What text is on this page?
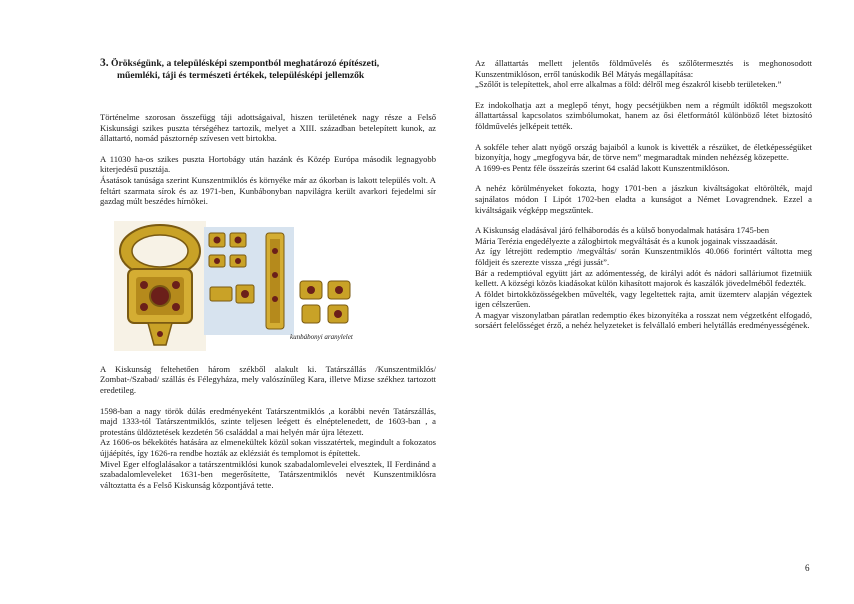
3. Örökségünk, a településképi szempontból meghatározó építészeti,
műemléki, táji és természeti értékek, településképi jellemzők

Történelme szorosan összefügg táji adottságaival, hiszen területének nagy része a Felső Kiskunsági szikes puszta térségéhez tartozik, melyet a XIII. században betelepített kunok, az állattartó, nomád pásztornép szívesen vett birtokba.

A 11030 ha-os szikes puszta Hortobágy után hazánk és Közép Európa második legnagyobb kiterjedésű pusztája.

Ásatások tanúsága szerint Kunszentmiklós és környéke már az ókorban is lakott település volt. A feltárt szarmata sírok és az 1971-ben, Kunbábonyban napvilágra került avarkori fejedelmi sír gazdag múlt beszédes hírnökei.

kunbábonyi aranylelet

A Kiskunság feltehetően három székből alakult ki. Tatárszállás /Kunszentmiklós/ Zombat-/Szabad/ szállás és Félegyháza, mely valószínűleg Kara, illetve Mizse székhez tartozott eredetileg.

1598-ban a nagy török dúlás eredményeként Tatárszentmiklós ,a korábbi nevén Tatárszállás, majd 1333-tól Tatárszentmiklós, szinte teljesen leégett és elnéptelenedett, de 1603-ban , a protestáns üldöztetések kezdetén 56 családdal a mai helyén már újra létezett.

Az 1606-os békekötés hatására az elmenekültek közül sokan visszatértek, megindult a fokozatos újjáépítés, így 1626-ra rendbe hozták az eklézsiát és templomot is építettek.

Mivel Eger elfoglalásakor a tatárszentmiklósi kunok szabadalomlevelei elvesztek, II Ferdinánd a szabadalomleveleket 1631-ben megerősítette, Tatárszentmiklós nevét Kunszentmiklósra változtatta és a Felső Kiskunság központjává tette.

Az állattartás mellett jelentős földművelés és szőlőtermesztés is meghonosodott Kunszentmiklóson, erről tanúskodik Bél Mátyás megállapítása:

„Szőlőt is telepítettek, ahol erre alkalmas a föld: délről meg északról kisebb területeken.”

Ez indokolhatja azt a meglepő tényt, hogy pecsétjükben nem a régmúlt időktől megszokott állattartással kapcsolatos szimbólumokat, hanem az ősi életformától különböző létet biztosító földművelés jelképeit tették.

A sokféle teher alatt nyögő ország bajaiból a kunok is kivették a részüket, de életképességüket bizonyítja, hogy „megfogyva bár, de törve nem” megmaradtak minden nehézség közepette.

A 1699-es Pentz féle összeírás szerint 64 család lakott Kunszentmiklóson.

A nehéz körülményeket fokozta, hogy 1701-ben a jászkun kiváltságokat eltörölték, majd sajnálatos módon I Lipót 1702-ben eladta a kunságot a Német Lovagrendnek. Ezzel a kiváltságaik végképp megszűntek.

A Kiskunság eladásával járó felháborodás és a külső bonyodalmak hatására 1745-ben

Mária Terézia engedélyezte a zálogbirtok megváltását és a kunok jogainak visszaadását.

Az így létrejött redemptio /megváltás/ során Kunszentmiklós 40.066 forintért váltotta meg földjeit és szerezte vissza „régi jussát”.

Bár a redemptióval együtt járt az adómentesség, de királyi adót és nádori salláriumot fizetniük kellett. A községi közös kiadásokat külön kihasított majorok és kaszálók jövedelméből fedezték.

A földet birtokközösségekben művelték, vagy legeltettek rajta, amit üzemterv alapján végeztek igen célszerűen.

A magyar viszonylatban páratlan redemptio ékes bizonyítéka a rosszat nem végzetként elfogadó, sorsáért felelősséget érző, a nehéz helyzeteket is felvállaló emberi helytállás eredményességének.

6
